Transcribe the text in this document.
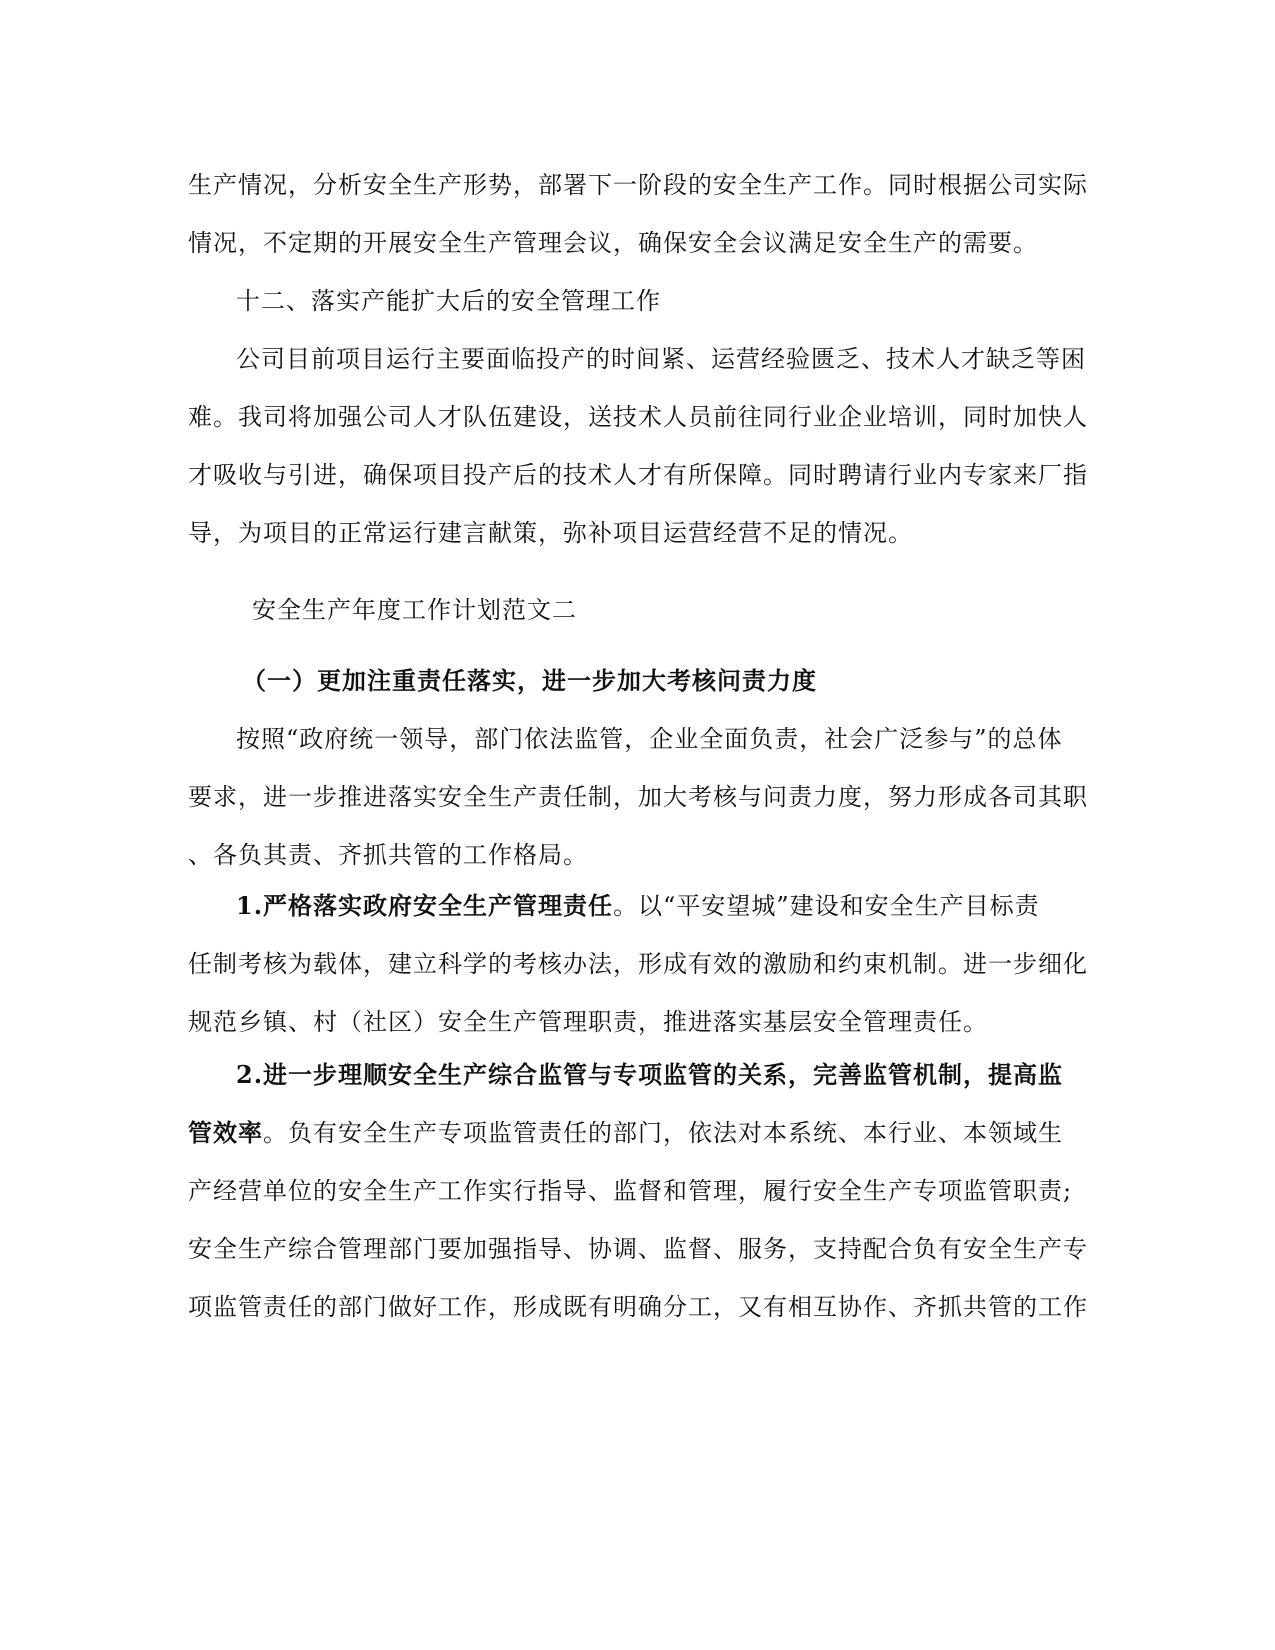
生产情况，分析安全生产形势，部署下一阶段的安全生产工作。同时根据公司实际
情况，不定期的开展安全生产管理会议，确保安全会议满足安全生产的需要。
十二、落实产能扩大后的安全管理工作
公司目前项目运行主要面临投产的时间紧、运营经验匮乏、技术人才缺乏等困
难。我司将加强公司人才队伍建设，送技术人员前往同行业企业培训，同时加快人
才吸收与引进，确保项目投产后的技术人才有所保障。同时聘请行业内专家来厂指
导，为项目的正常运行建言献策，弥补项目运营经营不足的情况。
安全生产年度工作计划范文二
（一）更加注重责任落实，进一步加大考核问责力度
按照“政府统一领导，部门依法监管，企业全面负责，社会广泛参与”的总体
要求，进一步推进落实安全生产责任制，加大考核与问责力度，努力形成各司其职
、各负其责、齐抓共管的工作格局。
1.严格落实政府安全生产管理责任。以“平安望城”建设和安全生产目标责
任制考核为载体，建立科学的考核办法，形成有效的激励和约束机制。进一步细化
规范乡镇、村（社区）安全生产管理职责，推进落实基层安全管理责任。
2.进一步理顺安全生产综合监管与专项监管的关系，完善监管机制，提高监
管效率。负有安全生产专项监管责任的部门，依法对本系统、本行业、本领域生
产经营单位的安全生产工作实行指导、监督和管理，履行安全生产专项监管职责;
安全生产综合管理部门要加强指导、协调、监督、服务，支持配合负有安全生产专
项监管责任的部门做好工作，形成既有明确分工，又有相互协作、齐抓共管的工作
